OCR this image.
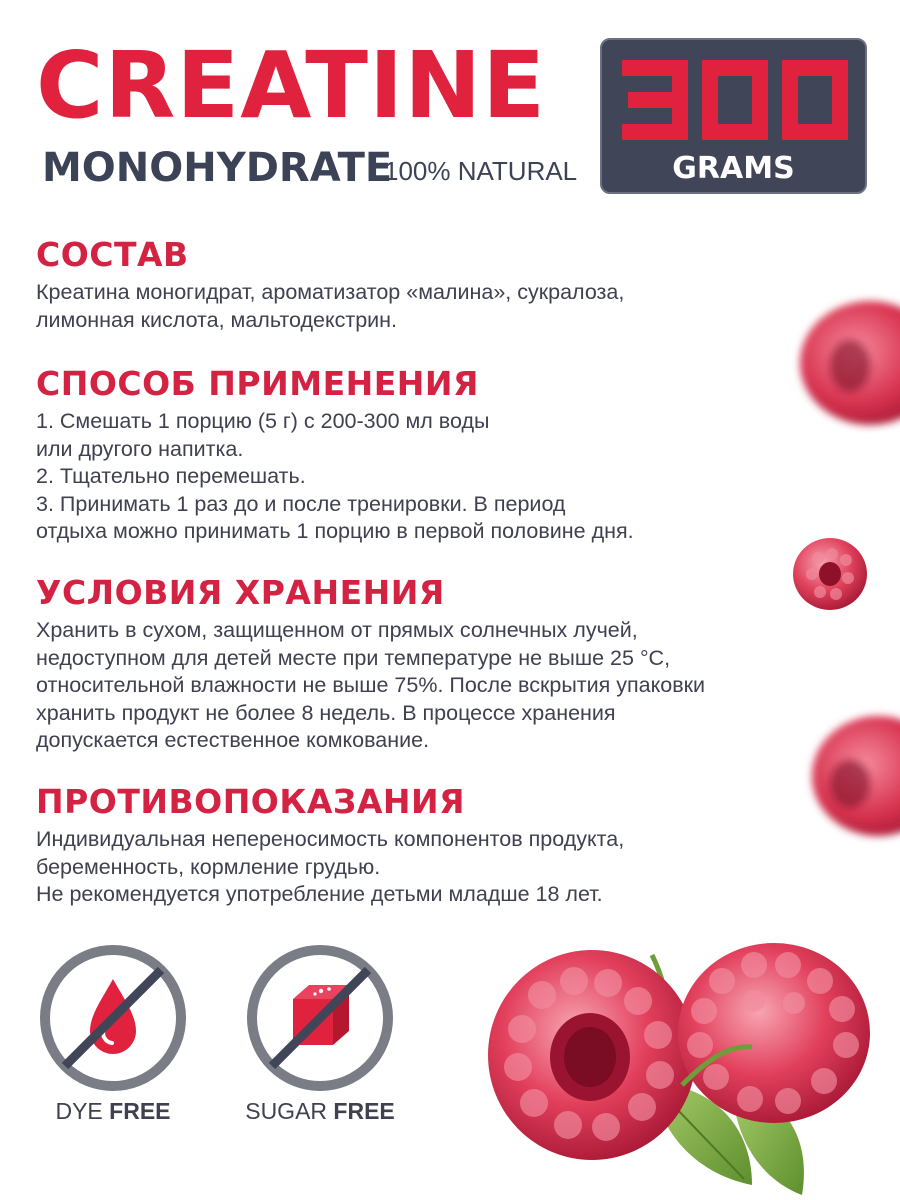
CREATINE
MONOHYDRATE
100% NATURAL	GRAMS
СОСТАВ
Креатина моногидрат, ароматизатор «малина», сукралоза,
лимонная кислота, мальтодекстрин.
СПОСОБ ПРИМЕНЕНИЯ
1. Смешать 1 порцию (5 г) с 200-300 мл воды
или другого напитка.
2. Тщательно перемешать.
3. Принимать 1 раз до и после тренировки. В период
отдыха можно принимать 1 порцию в первой половине дня.
УСЛОВИЯ ХРАНЕНИЯ
Хранить в сухом, защищенном от прямых солнечных лучей,
недоступном для детей месте при температуре не выше 25 °С,
относительной влажности не выше 75%. После вскрытия упаковки
хранить продукт не более 8 недель. В процессе хранения
допускается естественное комкование.
ПРОТИВОПОКАЗАНИЯ
Индивидуальная непереносимость компонентов продукта,
беременность, кормление грудью.
Не рекомендуется употребление детьми младше 18 лет.
DYE FREE	SUGAR FREE
